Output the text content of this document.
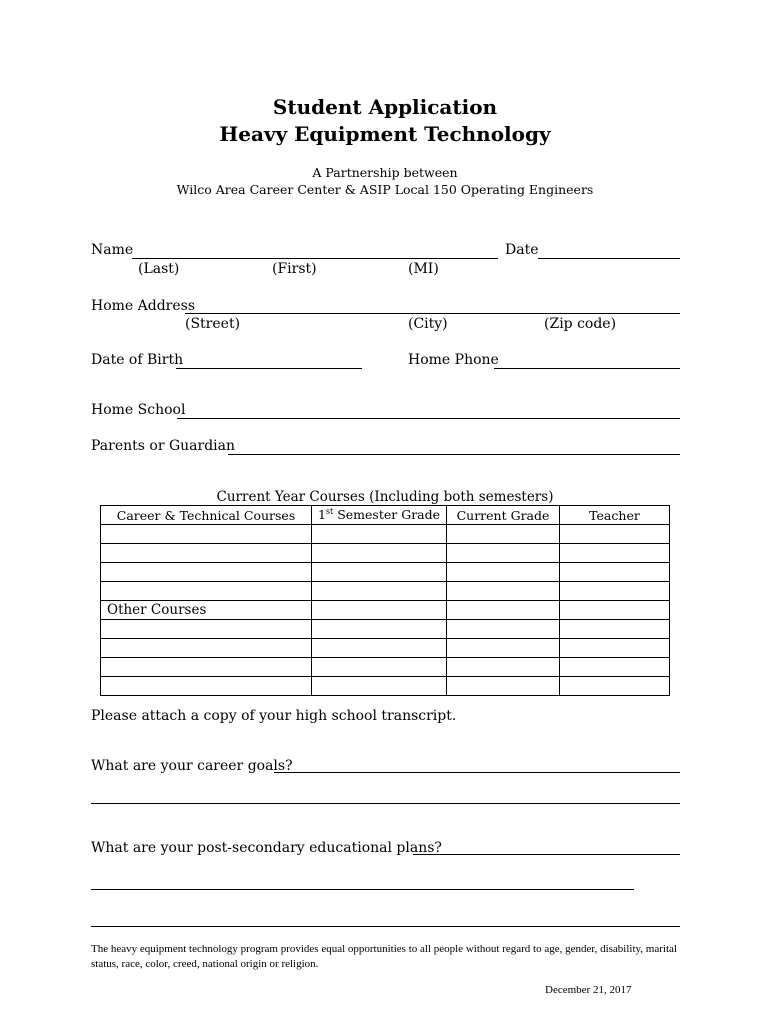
Student Application
Heavy Equipment Technology
A Partnership between
Wilco Area Career Center & ASIP Local 150 Operating Engineers
Name	Date
(Last)	(First)	(MI)
Home Address
(Street)	(City)	(Zip code)
Date of Birth	Home Phone
Home School
Parents or Guardian
Current Year Courses (Including both semesters)
Career & Technical Courses	1st Semester Grade	Current Grade	Teacher

Other Courses			

Please attach a copy of your high school transcript.
What are your career goals?
What are your post-secondary educational plans?
The heavy equipment technology program provides equal opportunities to all people without regard to age, gender, disability, marital status, race, color, creed, national origin or religion.
December 21, 2017
